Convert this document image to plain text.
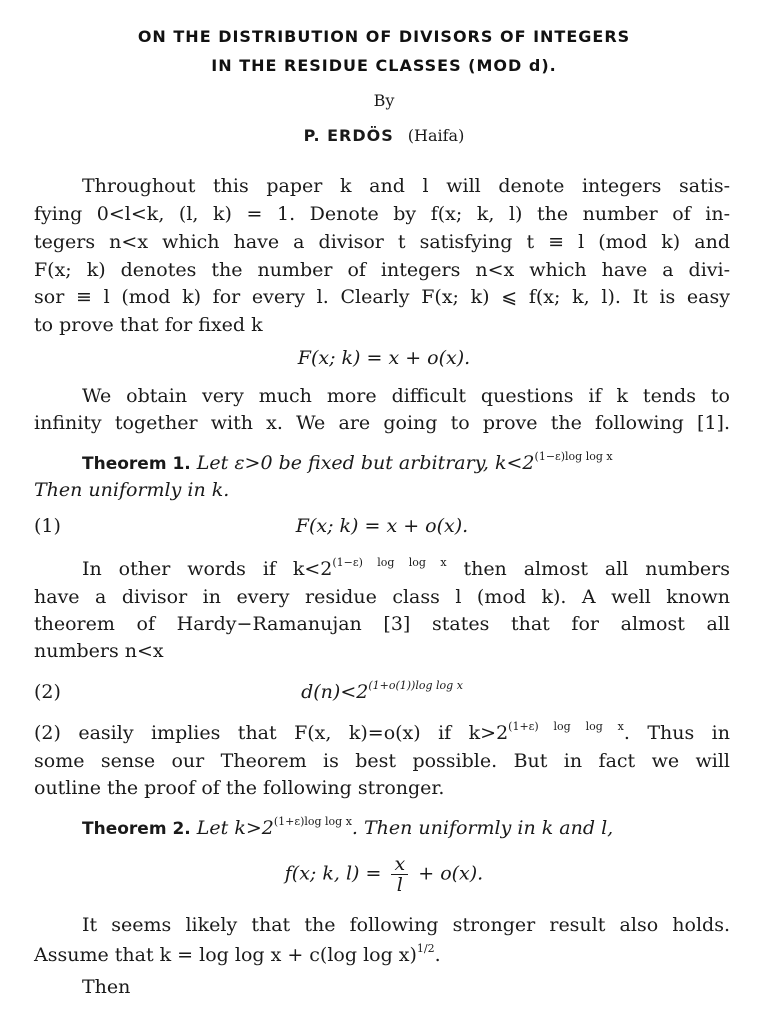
ON THE DISTRIBUTION OF DIVISORS OF INTEGERS
IN THE RESIDUE CLASSES (MOD d).
By
P. ERDÖS (Haifa)
Throughout this paper k and l will denote integers satis-
fying 0<l<k, (l, k) = 1. Denote by f(x; k, l) the number of in-
tegers n<x which have a divisor t satisfying t ≡ l (mod k) and
F(x; k) denotes the number of integers n<x which have a divi-
sor ≡ l (mod k) for every l. Clearly F(x; k) ⩽ f(x; k, l). It is easy
to prove that for fixed k
F(x; k) = x + o(x).
We obtain very much more difficult questions if k tends to
infinity together with x. We are going to prove the following [1].
Theorem 1. Let ε>0 be fixed but arbitrary, $k<2^{(1-\varepsilon)log log x}$
Then uniformly in k.
(1)	F(x; k) = x + o(x).
In other words if $k<2^{(1-\varepsilon) log log x}$ then almost all numbers
have a divisor in every residue class l (mod k). A well known
theorem of Hardy−Ramanujan [3] states that for almost all
numbers n<x
(2)	$d(n)<2^{(1+o(1))log log x}$
(2) easily implies that F(x, k)=o(x) if $k>2^{(1+\varepsilon) log log x}$. Thus in
some sense our Theorem is best possible. But in fact we will
outline the proof of the following stronger.
Theorem 2. Let $k>2^{(1+\varepsilon)log log x}$. Then uniformly in k and l,
f(x; k, $l) = \frac{x}{l} + o(x)$.
It seems likely that the following stronger result also holds.
Assume that k = log log x + c(log log x)$^{1/2}$.
Then
